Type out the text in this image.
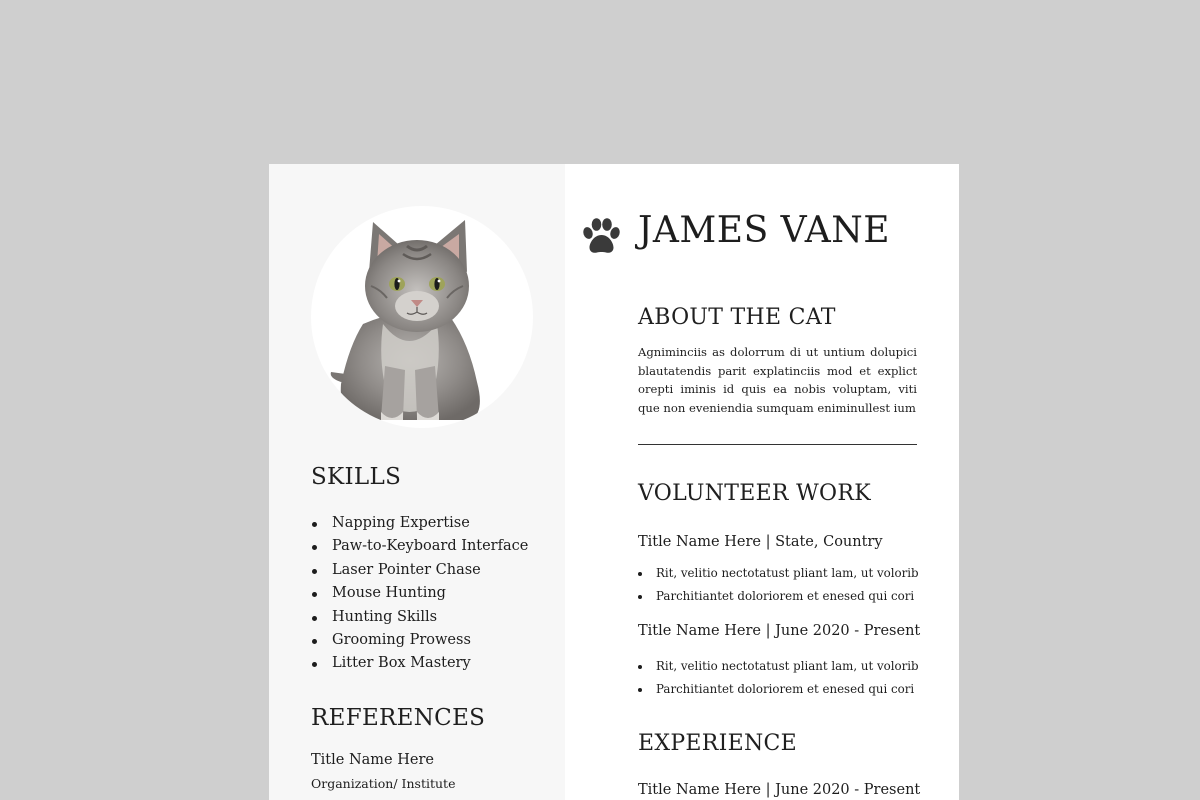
SKILLS
Napping Expertise
Paw-to-Keyboard Interface
Laser Pointer Chase
Mouse Hunting
Hunting Skills
Grooming Prowess
Litter Box Mastery
REFERENCES
Title Name Here
Organization/ Institute
JAMES VANE
ABOUT THE CAT

Agniminciis as dolorrum di ut untium dolupici blautatendis parit explatinciis mod et explict orepti iminis id quis ea nobis voluptam, viti que non eveniendia sumquam eniminullest ium

VOLUNTEER WORK
Title Name Here | State, Country
Rit, velitio nectotatust pliant lam, ut volorib
Parchitiantet doloriorem et enesed qui cori
Title Name Here | June 2020 - Present
Rit, velitio nectotatust pliant lam, ut volorib
Parchitiantet doloriorem et enesed qui cori
EXPERIENCE
Title Name Here | June 2020 - Present
